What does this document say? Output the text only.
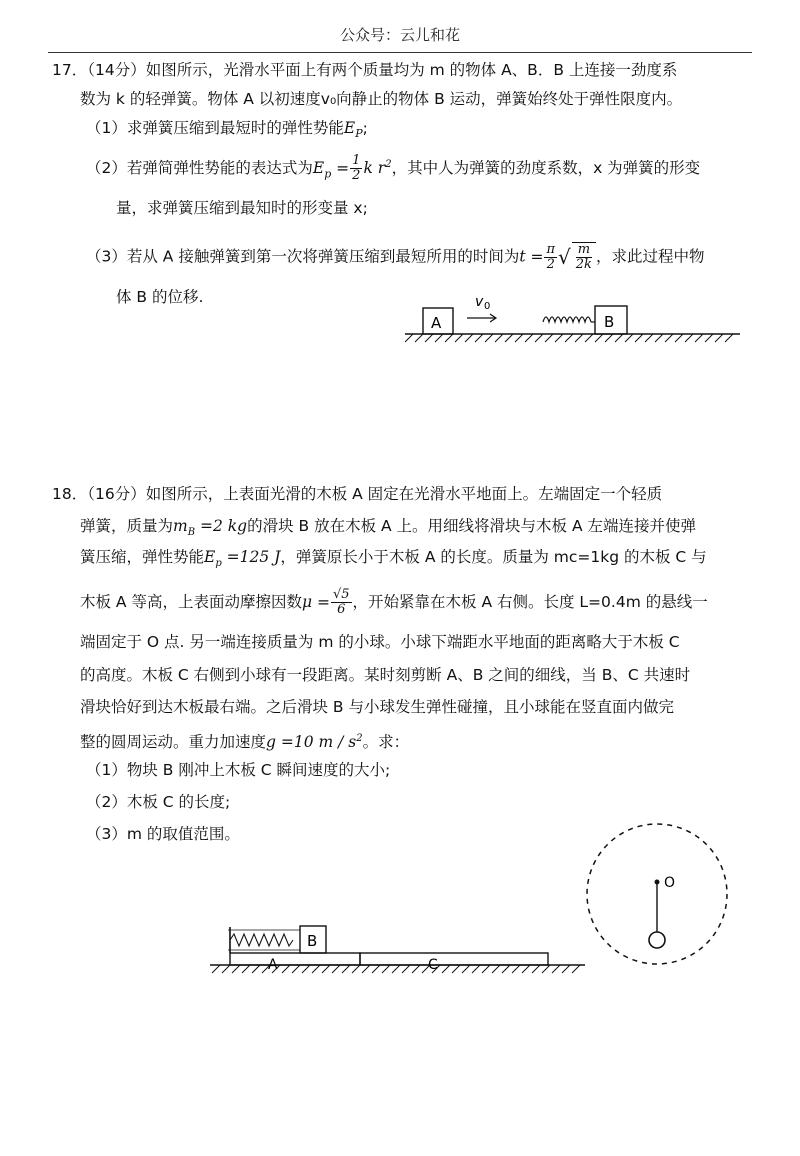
公众号：云儿和花
17．（14分）如图所示，光滑水平面上有两个质量均为 m 的物体 A、B．B 上连接一劲度系
数为 k 的轻弹簧。物体 A 以初速度v₀向静止的物体 B 运动，弹簧始终处于弹性限度内。
（1）求弹簧压缩到最短时的弹性势能$E_P$;
（2）若弹简弹性势能的表达式为$E_p = \frac{1}{2}$ k $r^2$，其中人为弹簧的劲度系数，x 为弹簧的形变
量，求弹簧压缩到最知时的形变量 x;
（3）若从 A 接触弹簧到第一次将弹簧压缩到最短所用的时间为$t = \frac{\pi}{2}$ √ $\frac{m}{2k}$ ，求此过程中物
体 B 的位移.
A
v 0
B
18．（16分）如图所示，上表面光滑的木板 A 固定在光滑水平地面上。左端固定一个轻质
弹簧，质量为$m_B =2$ kg的滑块 B 放在木板 A 上。用细线将滑块与木板 A 左端连接并使弹
簧压缩，弹性势能$E_p =125$ J，弹簧原长小于木板 A 的长度。质量为 mc=1kg 的木板 C 与
木板 A 等高，上表面动摩擦因数$\mu = \frac{√5}{6}$ ，开始紧靠在木板 A 右侧。长度 L=0.4m 的悬线一
端固定于 O 点. 另一端连接质量为 m 的小球。小球下端距水平地面的距离略大于木板 C
的高度。木板 C 右侧到小球有一段距离。某时刻剪断 A、B 之间的细线，当 B、C 共速时
滑块恰好到达木板最右端。之后滑块 B 与小球发生弹性碰撞，且小球能在竖直面内做完
整的圆周运动。重力加速度g =10 m / $s^2$。求：
（1）物块 B 刚冲上木板 C 瞬间速度的大小;
（2）木板 C 的长度;
（3）m 的取值范围。
O
A
B
C
